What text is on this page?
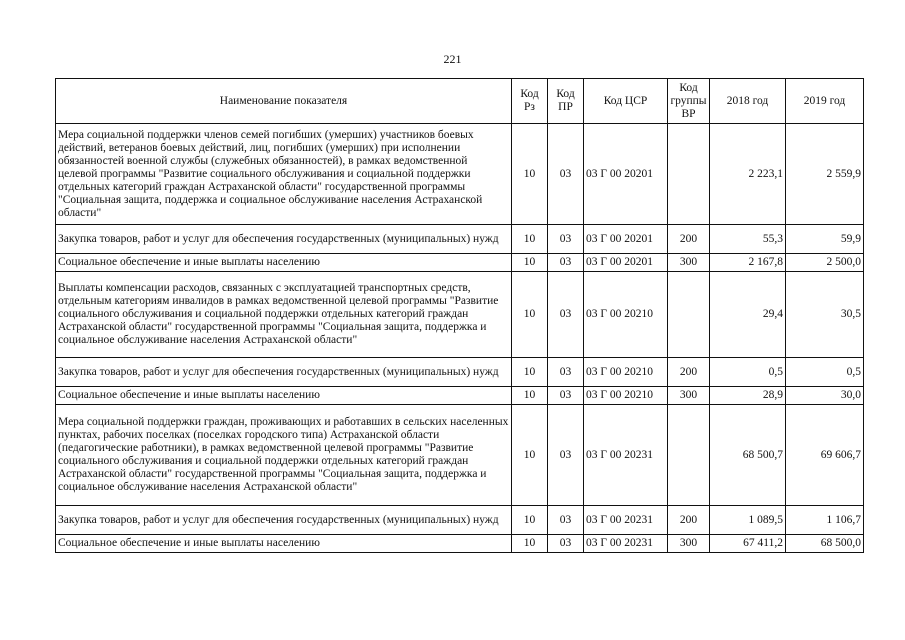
221
Наименование показателя	Код Рз	Код ПР	Код ЦСР	Код группы ВР	2018 год	2019 год
Мера социальной поддержки членов семей погибших (умерших) участников боевых действий, ветеранов боевых действий, лиц, погибших (умерших) при исполнении обязанностей военной службы (служебных обязанностей), в рамках ведомственной целевой программы "Развитие социального обслуживания и социальной поддержки отдельных категорий граждан Астраханской области" государственной программы "Социальная защита, поддержка и социальное обслуживание населения Астраханской области"	10	03	03 Г 00 20201		2 223,1	2 559,9
Закупка товаров, работ и услуг для обеспечения государственных (муниципальных) нужд	10	03	03 Г 00 20201	200	55,3	59,9
Социальное обеспечение и иные выплаты населению	10	03	03 Г 00 20201	300	2 167,8	2 500,0
Выплаты компенсации расходов, связанных с эксплуатацией транспортных средств, отдельным категориям инвалидов в рамках ведомственной целевой программы "Развитие социального обслуживания и социальной поддержки отдельных категорий граждан Астраханской области" государственной программы "Социальная защита, поддержка и социальное обслуживание населения Астраханской области"	10	03	03 Г 00 20210		29,4	30,5
Закупка товаров, работ и услуг для обеспечения государственных (муниципальных) нужд	10	03	03 Г 00 20210	200	0,5	0,5
Социальное обеспечение и иные выплаты населению	10	03	03 Г 00 20210	300	28,9	30,0
Мера социальной поддержки граждан, проживающих и работавших в сельских населенных пунктах, рабочих поселках (поселках городского типа) Астраханской области (педагогические работники), в рамках ведомственной целевой программы "Развитие социального обслуживания и социальной поддержки отдельных категорий граждан Астраханской области" государственной программы "Социальная защита, поддержка и социальное обслуживание населения Астраханской области"	10	03	03 Г 00 20231		68 500,7	69 606,7
Закупка товаров, работ и услуг для обеспечения государственных (муниципальных) нужд	10	03	03 Г 00 20231	200	1 089,5	1 106,7
Социальное обеспечение и иные выплаты населению	10	03	03 Г 00 20231	300	67 411,2	68 500,0
